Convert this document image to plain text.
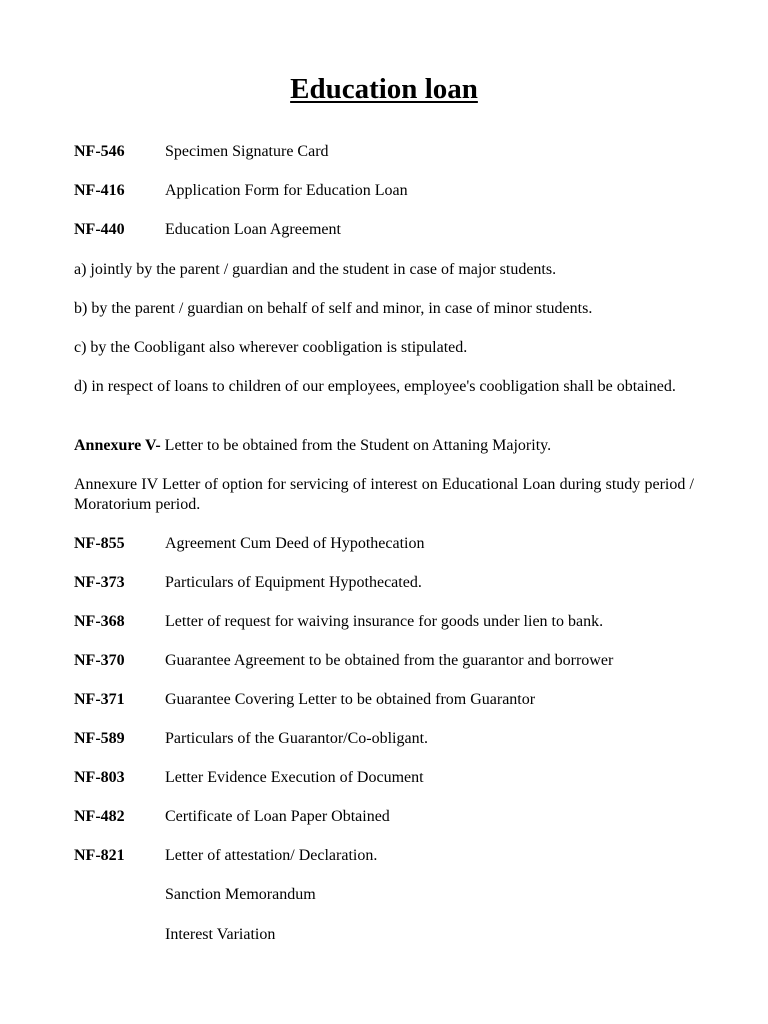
Education loan
NF-546	Specimen Signature Card
NF-416	Application Form for Education Loan
NF-440	Education Loan Agreement
a) jointly by the parent / guardian and the student in case of major students.
b) by the parent / guardian on behalf of self and minor, in case of minor students.
c) by the Coobligant also wherever coobligation is stipulated.
d) in respect of loans to children of our employees, employee's coobligation shall be obtained.
Annexure V- Letter to be obtained from the Student on Attaning Majority.
Annexure IV Letter of option for servicing of interest on Educational Loan during study period / Moratorium period.
NF-855	Agreement Cum Deed of Hypothecation
NF-373	Particulars of Equipment Hypothecated.
NF-368	Letter of request for waiving insurance for goods under lien to bank.
NF-370	Guarantee Agreement to be obtained from the guarantor and borrower
NF-371	Guarantee Covering Letter to be obtained from Guarantor
NF-589	Particulars of the Guarantor/Co-obligant.
NF-803	Letter Evidence Execution of Document
NF-482	Certificate of Loan Paper Obtained
NF-821	Letter of attestation/ Declaration.
Sanction Memorandum
Interest Variation
